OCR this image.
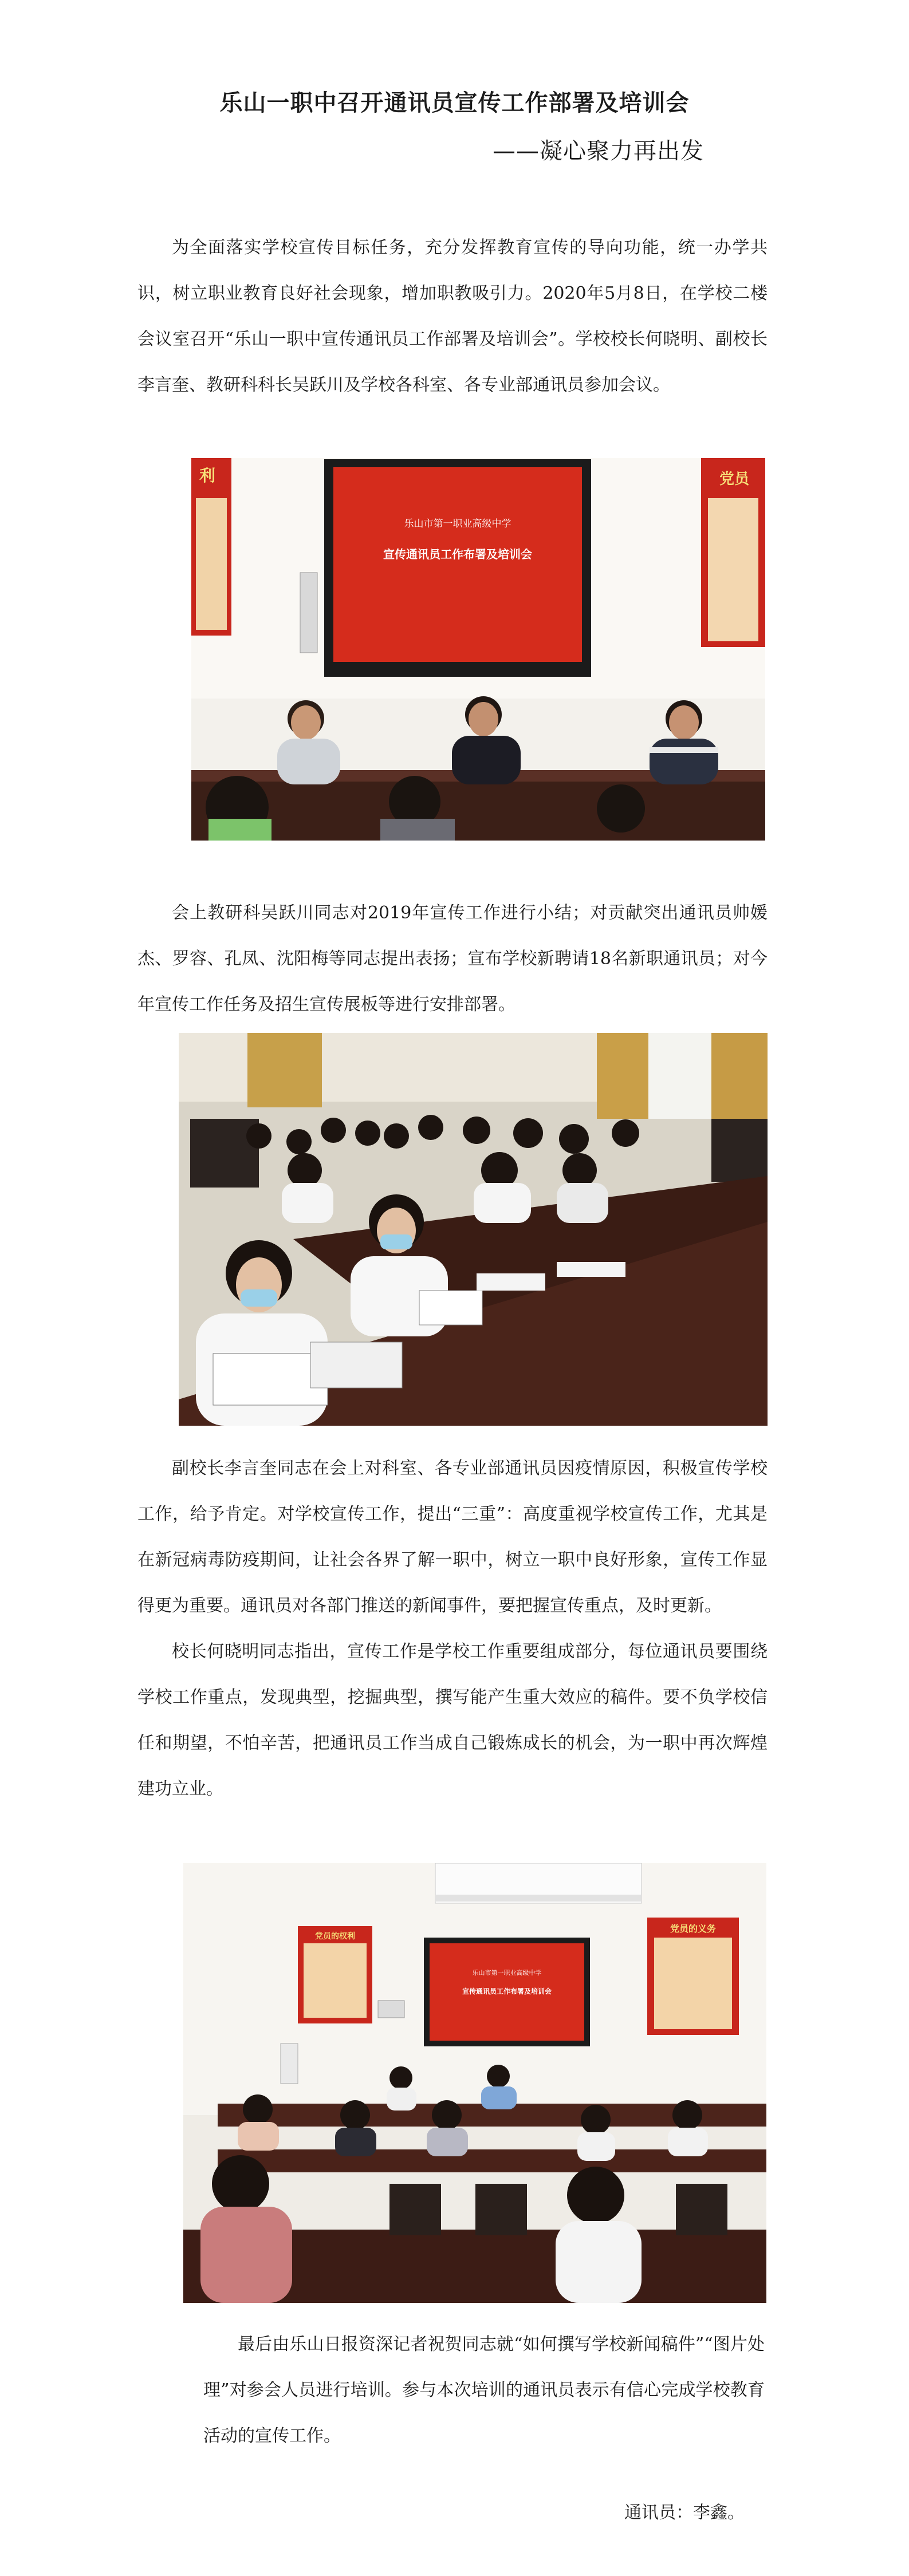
乐山一职中召开通讯员宣传工作部署及培训会
——凝心聚力再出发

为全面落实学校宣传目标任务，充分发挥教育宣传的导向功能，统一办学共识，树立职业教育良好社会现象，增加职教吸引力。2020年5月8日，在学校二楼会议室召开“乐山一职中宣传通讯员工作部署及培训会”。学校校长何晓明、副校长李言奎、教研科科长吴跃川及学校各科室、各专业部通讯员参加会议。

利	党员
乐山市第一职业高级中学
宣传通讯员工作布署及培训会

会上教研科吴跃川同志对2019年宣传工作进行小结；对贡献突出通讯员帅媛杰、罗容、孔凤、沈阳梅等同志提出表扬；宣布学校新聘请18名新职通讯员；对今年宣传工作任务及招生宣传展板等进行安排部署。

副校长李言奎同志在会上对科室、各专业部通讯员因疫情原因，积极宣传学校工作，给予肯定。对学校宣传工作，提出“三重”：高度重视学校宣传工作，尤其是在新冠病毒防疫期间，让社会各界了解一职中，树立一职中良好形象，宣传工作显得更为重要。通讯员对各部门推送的新闻事件，要把握宣传重点，及时更新。

校长何晓明同志指出，宣传工作是学校工作重要组成部分，每位通讯员要围绕学校工作重点，发现典型，挖掘典型，撰写能产生重大效应的稿件。要不负学校信任和期望，不怕辛苦，把通讯员工作当成自己锻炼成长的机会，为一职中再次辉煌建功立业。

党员的权利
党员的义务
乐山市第一职业高级中学
宣传通讯员工作布署及培训会

最后由乐山日报资深记者祝贺同志就“如何撰写学校新闻稿件”“图片处理”对参会人员进行培训。参与本次培训的通讯员表示有信心完成学校教育活动的宣传工作。

通讯员：李鑫。
